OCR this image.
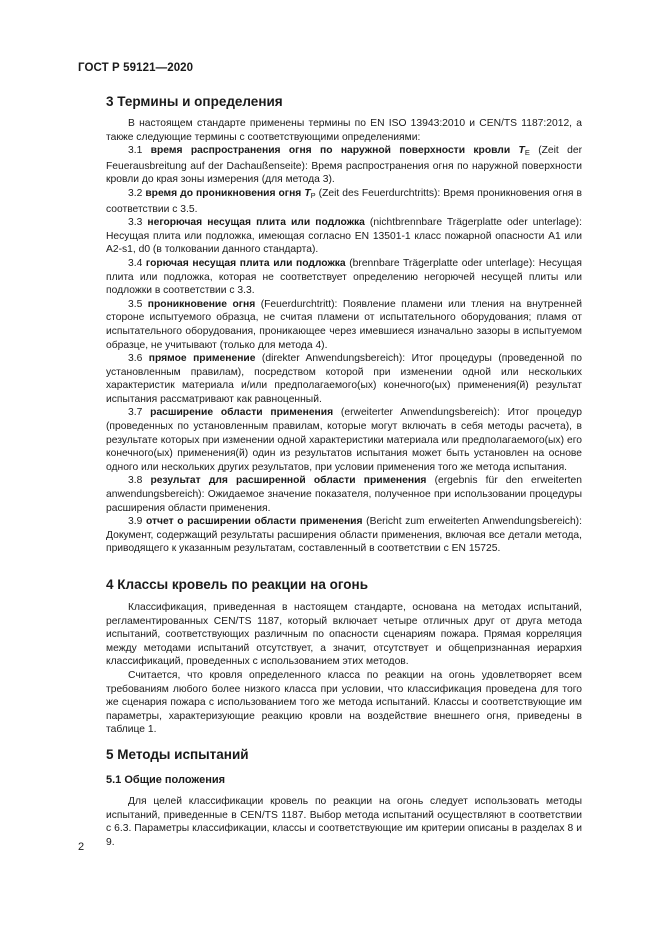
ГОСТ Р 59121—2020
3 Термины и определения

В настоящем стандарте применены термины по EN ISO 13943:2010 и CEN/TS 1187:2012, а также следующие термины с соответствующими определениями:

3.1 время распространения огня по наружной поверхности кровли $T_E$ (Zeit der Feuerausbreitung auf der Dachaußenseite): Время распространения огня по наружной поверхности кровли до края зоны измерения (для метода 3).

3.2 время до проникновения огня $T_P$ (Zeit des Feuerdurchtritts): Время проникновения огня в соответствии с 3.5.

3.3 негорючая несущая плита или подложка (nichtbrennbare Trägerplatte oder unterlage): Несущая плита или подложка, имеющая согласно EN 13501-1 класс пожарной опасности A1 или A2-s1, d0 (в толковании данного стандарта).

3.4 горючая несущая плита или подложка (brennbare Trägerplatte oder unterlage): Несущая плита или подложка, которая не соответствует определению негорючей несущей плиты или подложки в соответствии с 3.3.

3.5 проникновение огня (Feuerdurchtritt): Появление пламени или тления на внутренней стороне испытуемого образца, не считая пламени от испытательного оборудования; пламя от испытательного оборудования, проникающее через имевшиеся изначально зазоры в испытуемом образце, не учитывают (только для метода 4).

3.6 прямое применение (direkter Anwendungsbereich): Итог процедуры (проведенной по установленным правилам), посредством которой при изменении одной или нескольких характеристик материала и/или предполагаемого(ых) конечного(ых) применения(й) результат испытания рассматривают как равноценный.

3.7 расширение области применения (erweiterter Anwendungsbereich): Итог процедур (проведенных по установленным правилам, которые могут включать в себя методы расчета), в результате которых при изменении одной характеристики материала или предполагаемого(ых) его конечного(ых) применения(й) один из результатов испытания может быть установлен на основе одного или нескольких других результатов, при условии применения того же метода испытания.

3.8 результат для расширенной области применения (ergebnis für den erweiterten anwendungsbereich): Ожидаемое значение показателя, полученное при использовании процедуры расширения области применения.

3.9 отчет о расширении области применения (Bericht zum erweiterten Anwendungsbereich): Документ, содержащий результаты расширения области применения, включая все детали метода, приводящего к указанным результатам, составленный в соответствии с EN 15725.

4 Классы кровель по реакции на огонь

Классификация, приведенная в настоящем стандарте, основана на методах испытаний, регламентированных CEN/TS 1187, который включает четыре отличных друг от друга метода испытаний, соответствующих различным по опасности сценариям пожара. Прямая корреляция между методами испытаний отсутствует, а значит, отсутствует и общепризнанная иерархия классификаций, проведенных с использованием этих методов.

Считается, что кровля определенного класса по реакции на огонь удовлетворяет всем требованиям любого более низкого класса при условии, что классификация проведена для того же сценария пожара с использованием того же метода испытаний. Классы и соответствующие им параметры, характеризующие реакцию кровли на воздействие внешнего огня, приведены в таблице 1.

5 Методы испытаний
5.1 Общие положения

Для целей классификации кровель по реакции на огонь следует использовать методы испытаний, приведенные в CEN/TS 1187. Выбор метода испытаний осуществляют в соответствии с 6.3. Параметры классификации, классы и соответствующие им критерии описаны в разделах 8 и 9.

2
